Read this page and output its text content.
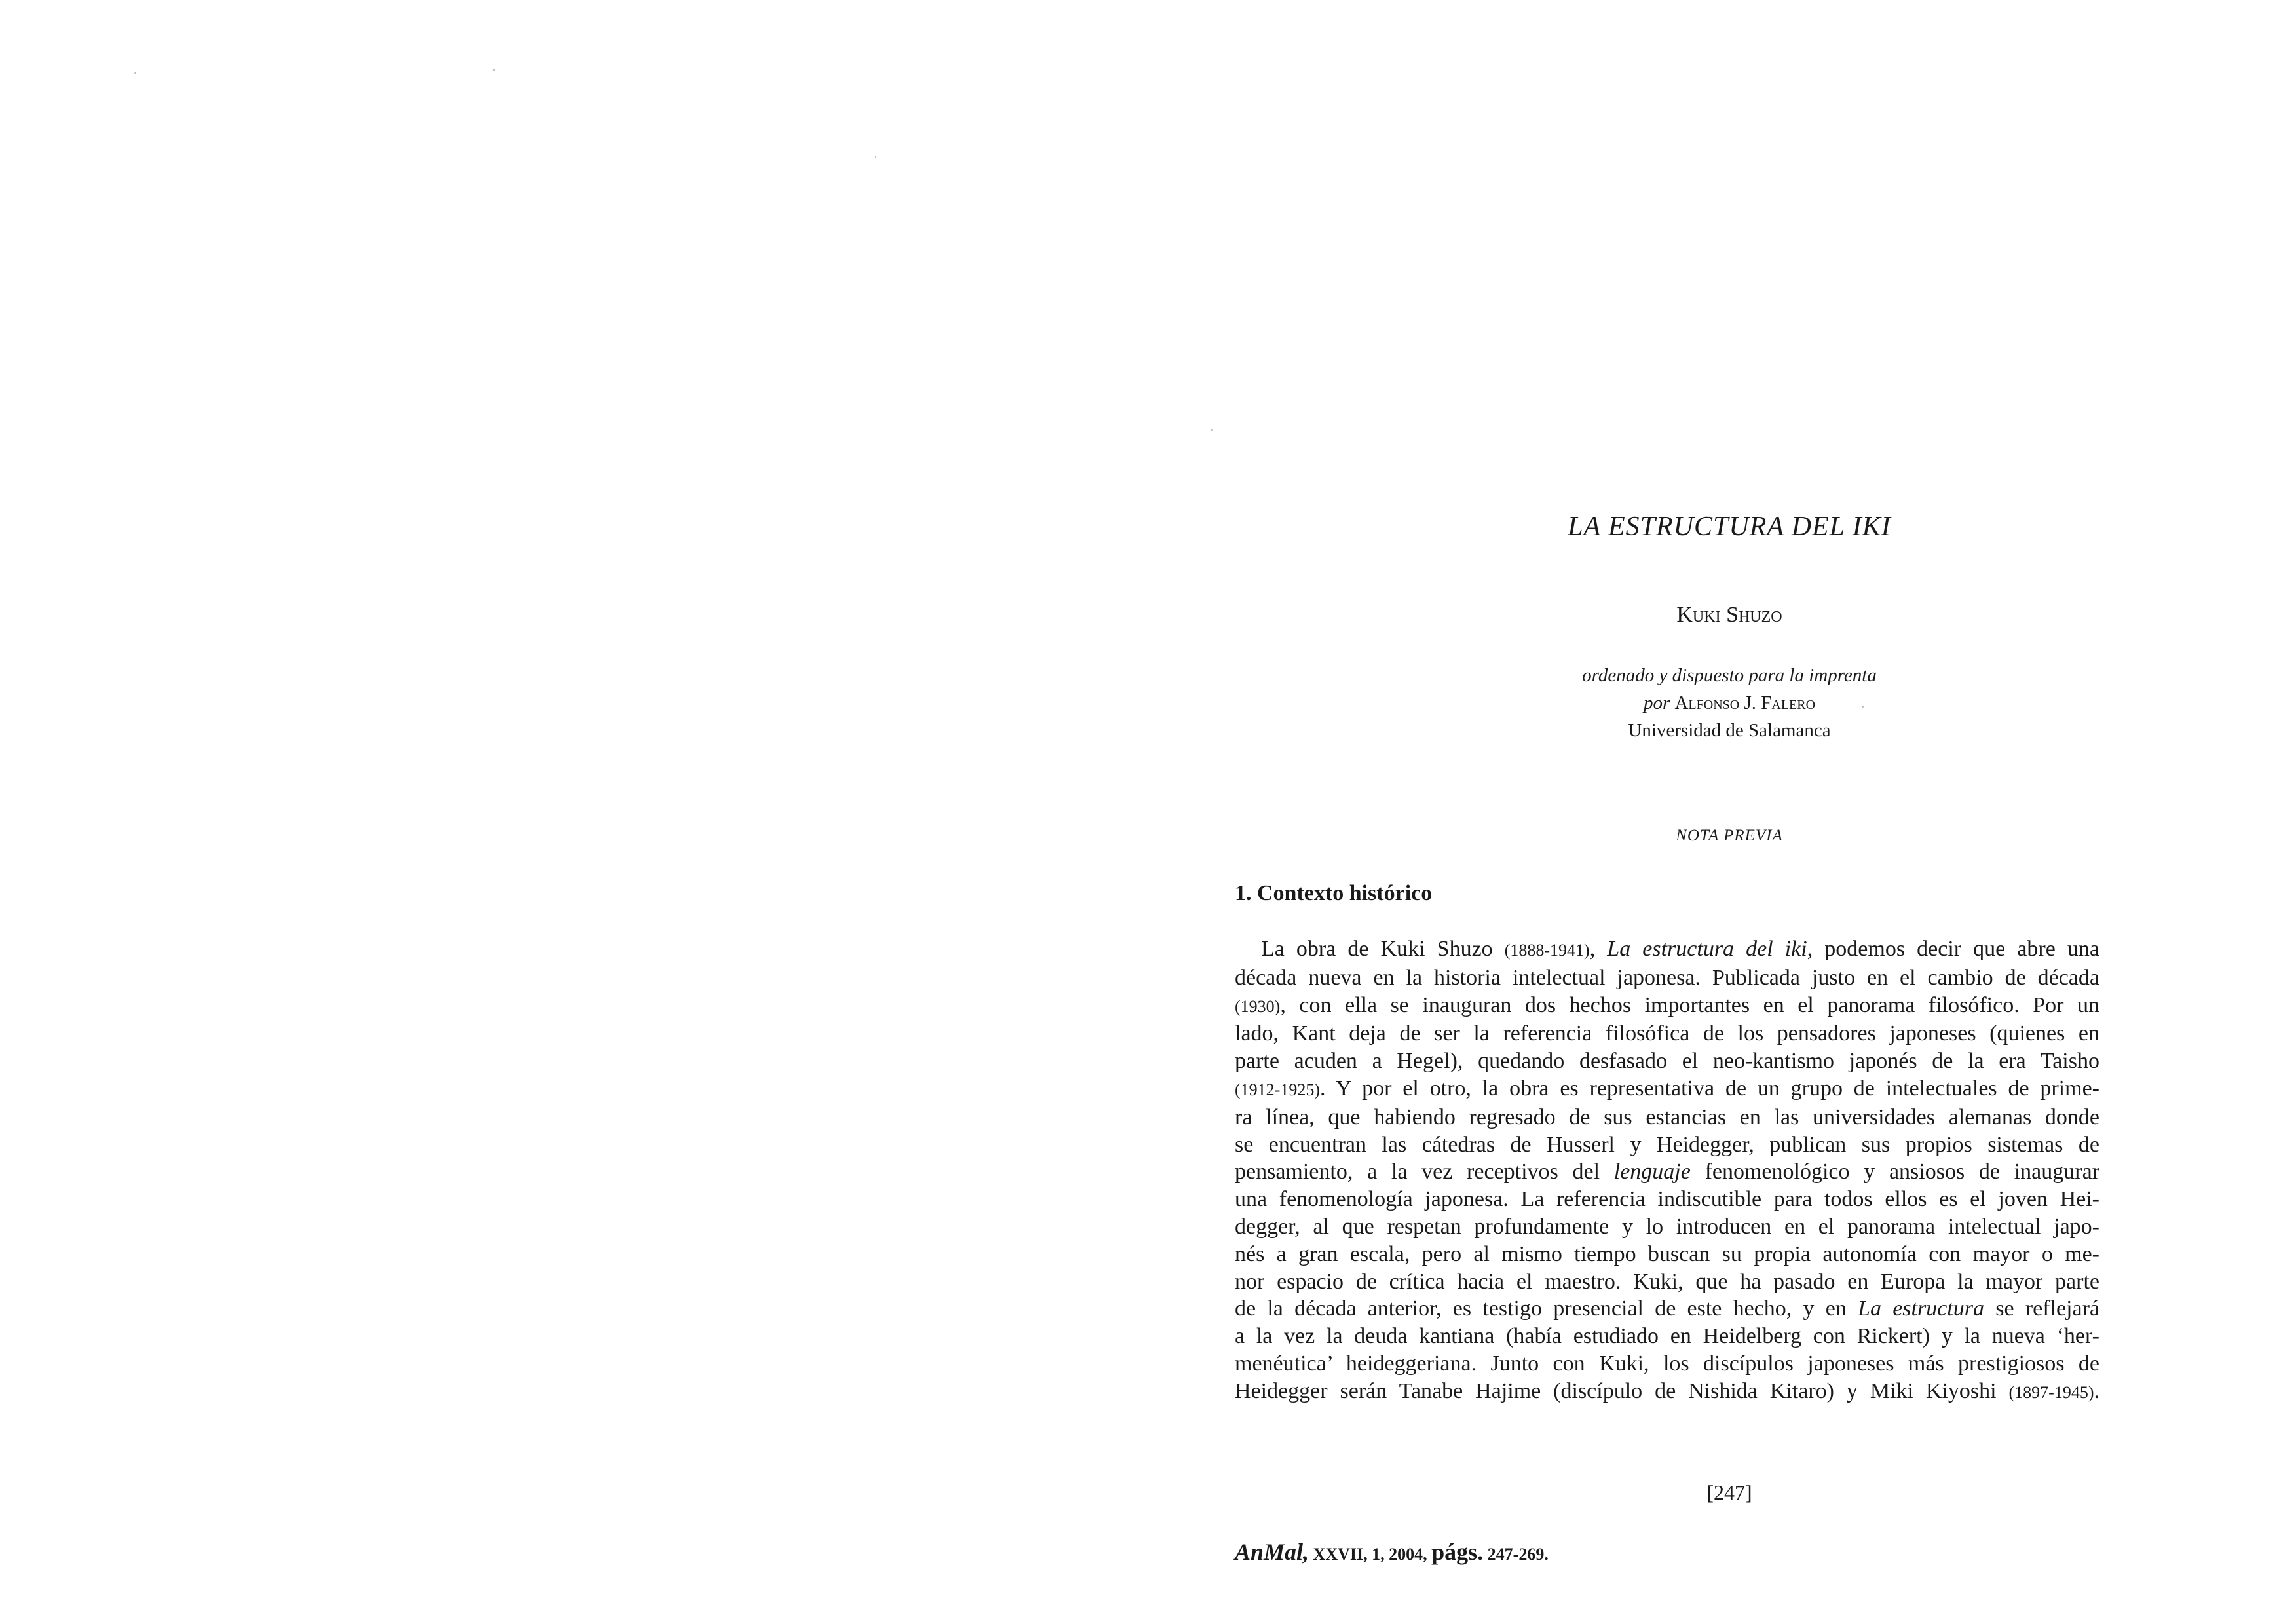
LA ESTRUCTURA DEL IKI
Kuki Shuzo
ordenado y dispuesto para la imprenta
por Alfonso J. Falero
Universidad de Salamanca
NOTA PREVIA
1. Contexto histórico
La obra de Kuki Shuzo (1888-1941), La estructura del iki, podemos decir que abre una
década nueva en la historia intelectual japonesa. Publicada justo en el cambio de década
(1930), con ella se inauguran dos hechos importantes en el panorama filosófico. Por un
lado, Kant deja de ser la referencia filosófica de los pensadores japoneses (quienes en
parte acuden a Hegel), quedando desfasado el neo-kantismo japonés de la era Taisho
(1912-1925). Y por el otro, la obra es representativa de un grupo de intelectuales de prime-
ra línea, que habiendo regresado de sus estancias en las universidades alemanas donde
se encuentran las cátedras de Husserl y Heidegger, publican sus propios sistemas de
pensamiento, a la vez receptivos del lenguaje fenomenológico y ansiosos de inaugurar
una fenomenología japonesa. La referencia indiscutible para todos ellos es el joven Hei-
degger, al que respetan profundamente y lo introducen en el panorama intelectual japo-
nés a gran escala, pero al mismo tiempo buscan su propia autonomía con mayor o me-
nor espacio de crítica hacia el maestro. Kuki, que ha pasado en Europa la mayor parte
de la década anterior, es testigo presencial de este hecho, y en La estructura se reflejará
a la vez la deuda kantiana (había estudiado en Heidelberg con Rickert) y la nueva ‘her-
menéutica’ heideggeriana. Junto con Kuki, los discípulos japoneses más prestigiosos de
Heidegger serán Tanabe Hajime (discípulo de Nishida Kitaro) y Miki Kiyoshi (1897-1945).
[247]
AnMal, XXVII, 1, 2004, págs. 247-269.
